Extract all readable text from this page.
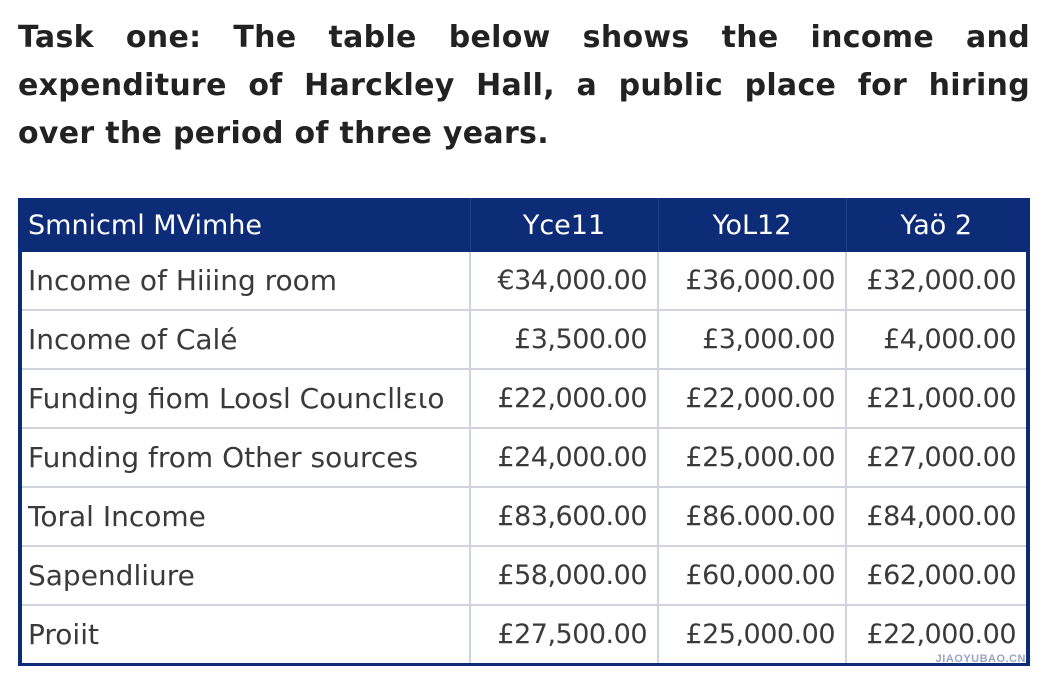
Task one: The table below shows the income and expenditure of Harckley Hall, a public place for hiring over the period of three years.

Smnicml MVimhe	Yce11	YoL12	Yaö 2
Income of Hiiing room	€34,000.00	£36,000.00	£32,000.00
Income of Calé	£3,500.00	£3,000.00	£4,000.00
Funding fiom Loosl Councllειο	£22,000.00	£22,000.00	£21,000.00
Funding from Other sources	£24,000.00	£25,000.00	£27,000.00
Toral Income	£83,600.00	£86.000.00	£84,000.00
Sapendliure	£58,000.00	£60,000.00	£62,000.00
Proiit	£27,500.00	£25,000.00	£22,000.00
JIAOYUBAO.CN
